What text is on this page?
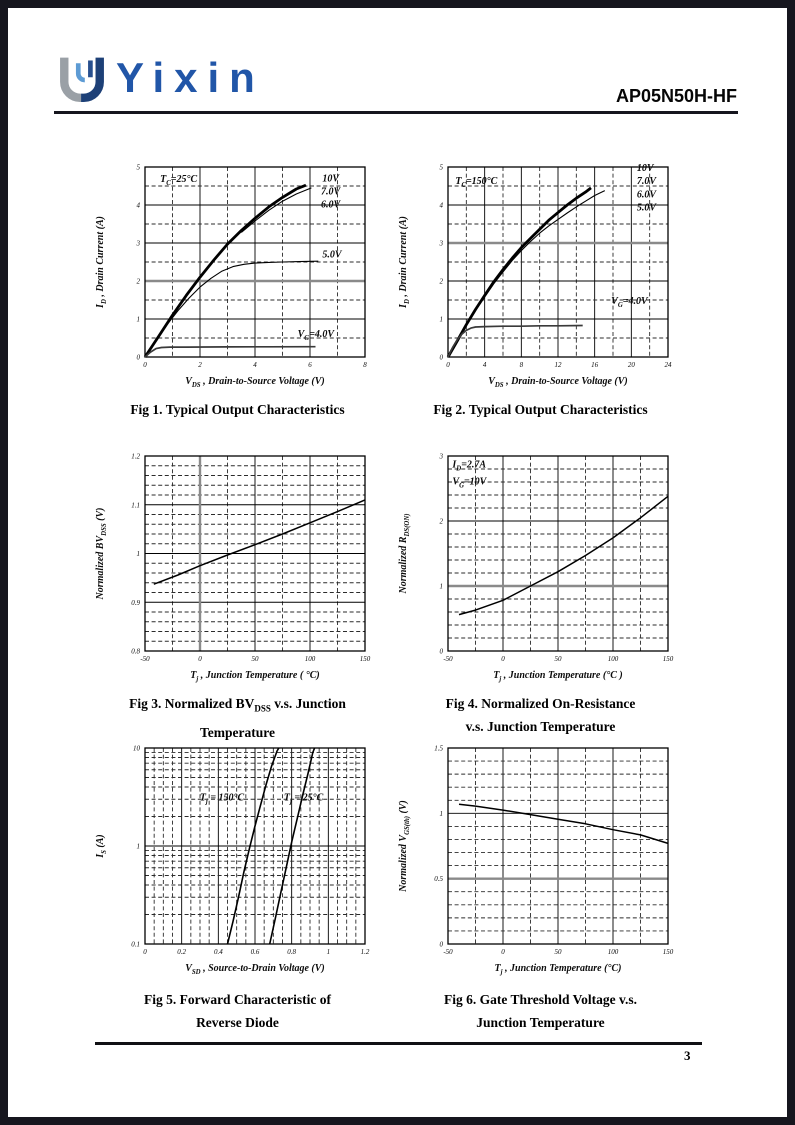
Yixin	AP05N50H-HF
0	2	4	6	8
0
1
2
3
4
5
$V_{DS}$ , Drain-to-Source Voltage (V)
$I_D$ , Drain Current (A)
$T_C=25^\circ C$	10V
7.0V
6.0V
5.0V
$V_G=4.0V$
Fig 1. Typical Output Characteristics
0	4	8	12	16	20	24
0
1
2
3
4
5
$V_{DS}$ , Drain-to-Source Voltage (V)
$I_D$ , Drain Current (A)
$T_C=150^\circ C$
10V
7.0V
6.0V
5.0V
$V_G=4.0V$
Fig 2. Typical Output Characteristics
-50	0	50	100	150
0.8
0.9
1
1.1
1.2
$T_j$ , Junction Temperature ( °C)
Normalized $BV_{DSS}$ (V)
Fig 3. Normalized $BV_{DSS}$ v.s. Junction
Temperature
-50	0	50	100	150
0
1
2
3
$T_j$ , Junction Temperature (°C )
Normalized $R_{DS(ON)}$
$I_D=2.7A$
$V_G=10V$
Fig 4. Normalized On-Resistance
v.s. Junction Temperature
0	0.2	0.4	0.6	0.8	1	1.2
0.1
1
10
$V_{SD}$ , Source-to-Drain Voltage (V)
$I_S$ (A)
$T_j = 150^\circ C$	$T_j = 25^\circ C$
Fig 5. Forward Characteristic of
Reverse Diode
-50	0	50	100	150
0
0.5
1
1.5
$T_j$ , Junction Temperature (°C)
Normalized $V_{GS(th)}$ (V)
Fig 6. Gate Threshold Voltage v.s.
Junction Temperature
3
